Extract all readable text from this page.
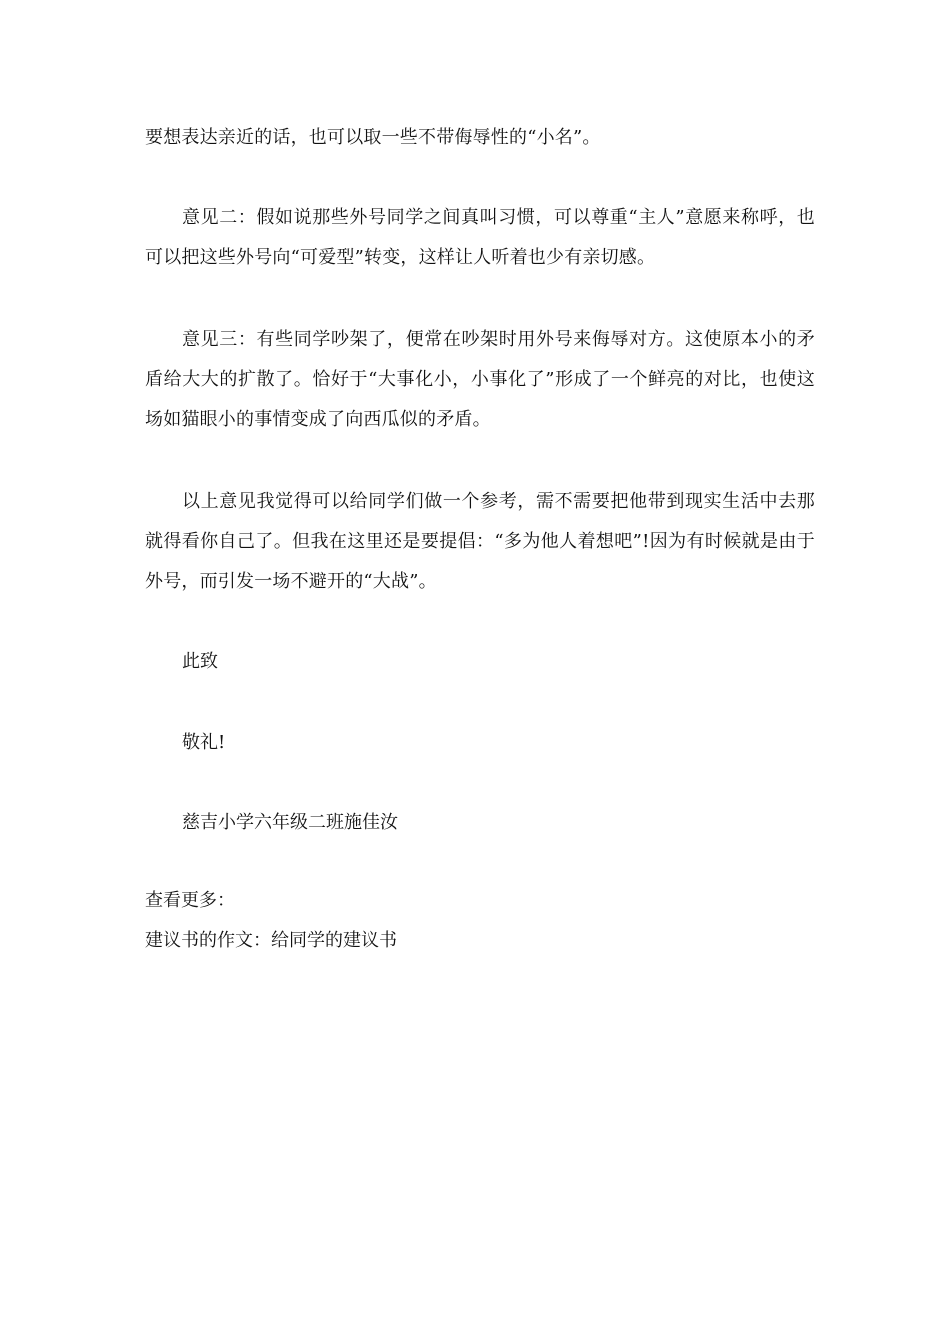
要想表达亲近的话，也可以取一些不带侮辱性的“小名”。

意见二：假如说那些外号同学之间真叫习惯，可以尊重“主人”意愿来称呼，也可以把这些外号向“可爱型”转变，这样让人听着也少有亲切感。

意见三：有些同学吵架了，便常在吵架时用外号来侮辱对方。这使原本小的矛盾给大大的扩散了。恰好于“大事化小，小事化了”形成了一个鲜亮的对比，也使这场如猫眼小的事情变成了向西瓜似的矛盾。

以上意见我觉得可以给同学们做一个参考，需不需要把他带到现实生活中去那就得看你自己了。但我在这里还是要提倡：“多为他人着想吧”!因为有时候就是由于外号，而引发一场不避开的“大战”。

此致

敬礼!

慈吉小学六年级二班施佳汝

查看更多：

建议书的作文：给同学的建议书
